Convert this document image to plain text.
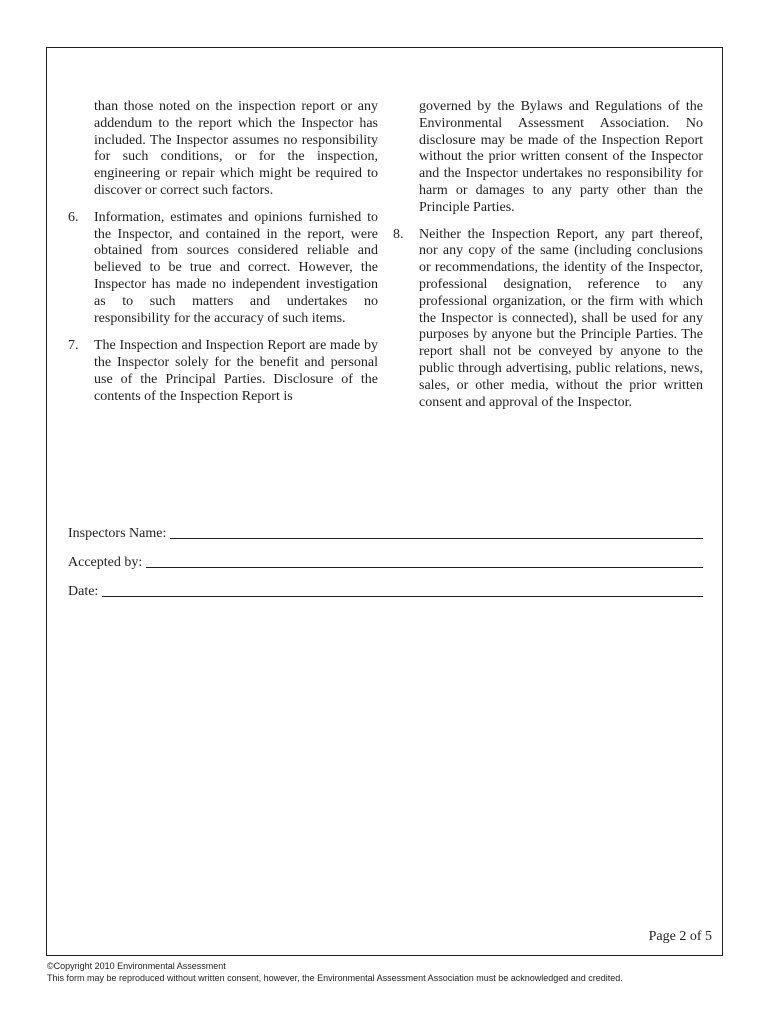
than those noted on the inspection report or any addendum to the report which the Inspector has included. The Inspector assumes no responsibility for such conditions, or for the inspection, engineering or repair which might be required to discover or correct such factors.

6.	Information, estimates and opinions furnished to the Inspector, and contained in the report, were obtained from sources considered reliable and believed to be true and correct. However, the Inspector has made no independent investigation as to such matters and undertakes no responsibility for the accuracy of such items.
7.	The Inspection and Inspection Report are made by the Inspector solely for the benefit and personal use of the Principal Parties. Disclosure of the contents of the Inspection Report is

governed by the Bylaws and Regulations of the Environmental Assessment Association. No disclosure may be made of the Inspection Report without the prior written consent of the Inspector and the Inspector undertakes no responsibility for harm or damages to any party other than the Principle Parties.

8.	Neither the Inspection Report, any part thereof, nor any copy of the same (including conclusions or recommendations, the identity of the Inspector, professional designation, reference to any professional organization, or the firm with which the Inspector is connected), shall be used for any purposes by anyone but the Principle Parties. The report shall not be conveyed by anyone to the public through advertising, public relations, news, sales, or other media, without the prior written consent and approval of the Inspector.
Inspectors Name:
Accepted by:
Date:
Page 2 of 5
©Copyright 2010 Environmental Assessment
This form may be reproduced without written consent, however, the Environmental Assessment Association must be acknowledged and credited.
